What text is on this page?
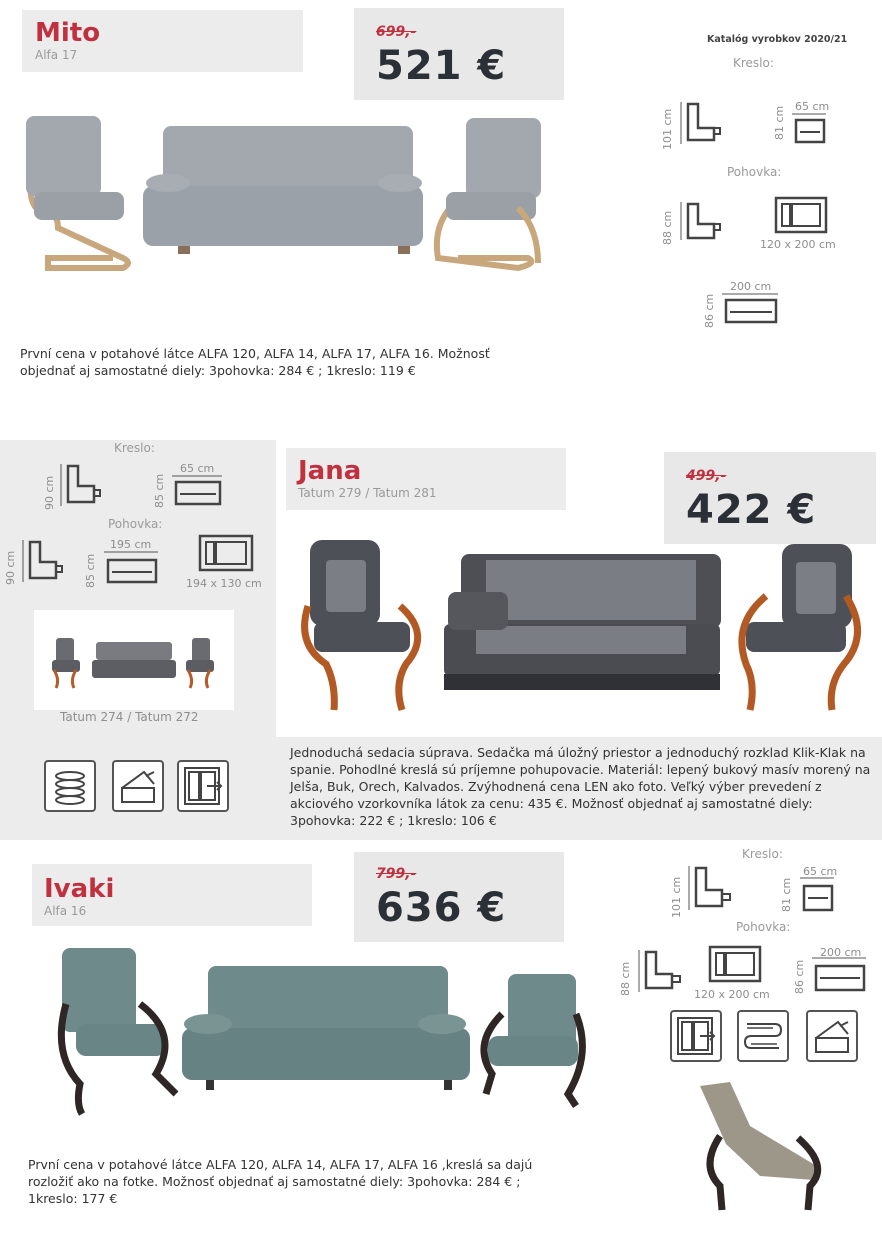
Mito
Alfa 17
699,-
521 €
Katalóg vyrobkov 2020/21
Kreslo:
101 cm
65 cm
81 cm
Pohovka:
88 cm	120 x 200 cm
200 cm
86 cm
První cena v potahové látce ALFA 120, ALFA 14, ALFA 17, ALFA 16. Možnosť objednať aj samostatné diely: 3pohovka: 284 € ; 1kreslo: 119 €
Kreslo:
90 cm
65 cm
85 cm
Pohovka:
90 cm
195 cm
85 cm	194 x 130 cm
Tatum 274 / Tatum 272
Jana
Tatum 279 / Tatum 281
499,-
422 €
Jednoduchá sedacia súprava. Sedačka má úložný priestor a jednoduchý rozklad Klik-Klak na spanie. Pohodlné kreslá sú príjemne pohupovacie. Materiál: lepený bukový masív morený na Jelša, Buk, Orech, Kalvados. Zvýhodnená cena LEN ako foto. Veľký výber prevedení z akciového vzorkovníka látok za cenu: 435 €. Možnosť objednať aj samostatné diely: 3pohovka: 222 € ; 1kreslo: 106 €
Ivaki
Alfa 16
799,-
636 €
Kreslo:
101 cm
65 cm
81 cm
Pohovka:
88 cm	120 x 200 cm
200 cm
86 cm
První cena v potahové látce ALFA 120, ALFA 14, ALFA 17, ALFA 16 ,kreslá sa dajú rozložiť ako na fotke. Možnosť objednať aj samostatné diely: 3pohovka: 284 € ; 1kreslo: 177 €
